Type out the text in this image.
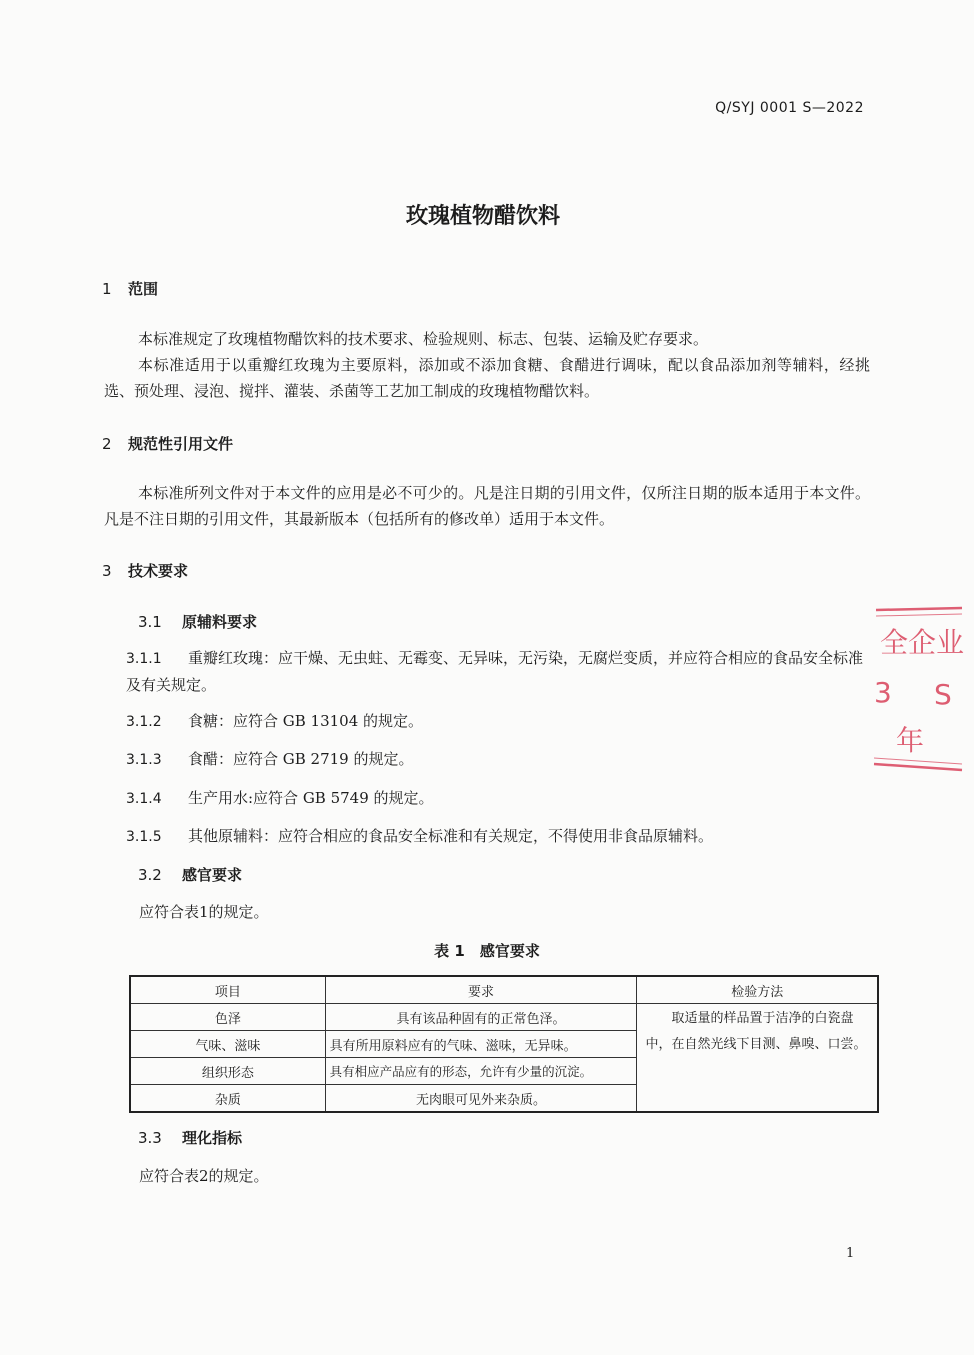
Q/SYJ 0001 S—2022
玫瑰植物醋饮料
1 范围
本标准规定了玫瑰植物醋饮料的技术要求、检验规则、标志、包装、运输及贮存要求。
本标准适用于以重瓣红玫瑰为主要原料，添加或不添加食糖、食醋进行调味，配以食品添加剂等辅料，经挑选、预处理、浸泡、搅拌、灌装、杀菌等工艺加工制成的玫瑰植物醋饮料。
2 规范性引用文件
本标准所列文件对于本文件的应用是必不可少的。凡是注日期的引用文件，仅所注日期的版本适用于本文件。凡是不注日期的引用文件，其最新版本（包括所有的修改单）适用于本文件。
3 技术要求
3.1 原辅料要求
3.1.1 重瓣红玫瑰：应干燥、无虫蛀、无霉变、无异味，无污染，无腐烂变质，并应符合相应的食品安全标准及有关规定。
3.1.2 食糖：应符合 GB 13104 的规定。
3.1.3 食醋：应符合 GB 2719 的规定。
3.1.4 生产用水:应符合 GB 5749 的规定。
3.1.5 其他原辅料：应符合相应的食品安全标准和有关规定，不得使用非食品原辅料。
3.2 感官要求
应符合表1的规定。
表 1　感官要求
项目	要求	检验方法
色泽	具有该品种固有的正常色泽。	取适量的样品置于洁净的白瓷盘中，在自然光线下目测、鼻嗅、口尝。

气味、滋味	具有所用原料应有的气味、滋味，无异味。	
组织形态	具有相应产品应有的形态，允许有少量的沉淀。	
杂质	无肉眼可见外来杂质。	
3.3 理化指标
应符合表2的规定。
1
全企业
3 S
年
